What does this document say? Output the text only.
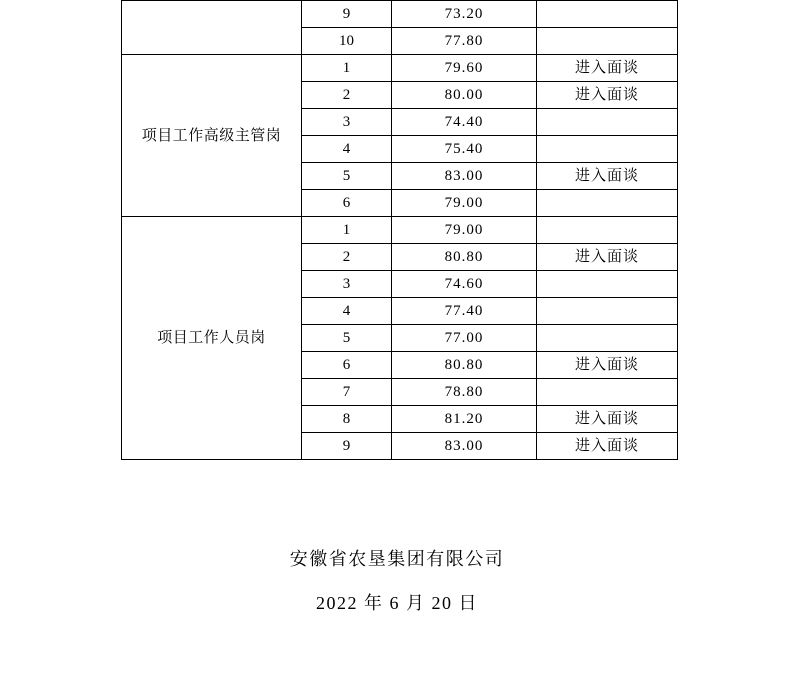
	9	73.20	
	10	77.80	
项目工作高级主管岗	1	79.60	进入面谈
	2	80.00	进入面谈
	3	74.40	
	4	75.40	
	5	83.00	进入面谈
	6	79.00	
项目工作人员岗	1	79.00	
	2	80.80	进入面谈
	3	74.60	
	4	77.40	
	5	77.00	
	6	80.80	进入面谈
	7	78.80	
	8	81.20	进入面谈
	9	83.00	进入面谈
安徽省农垦集团有限公司
2022 年 6 月 20 日
